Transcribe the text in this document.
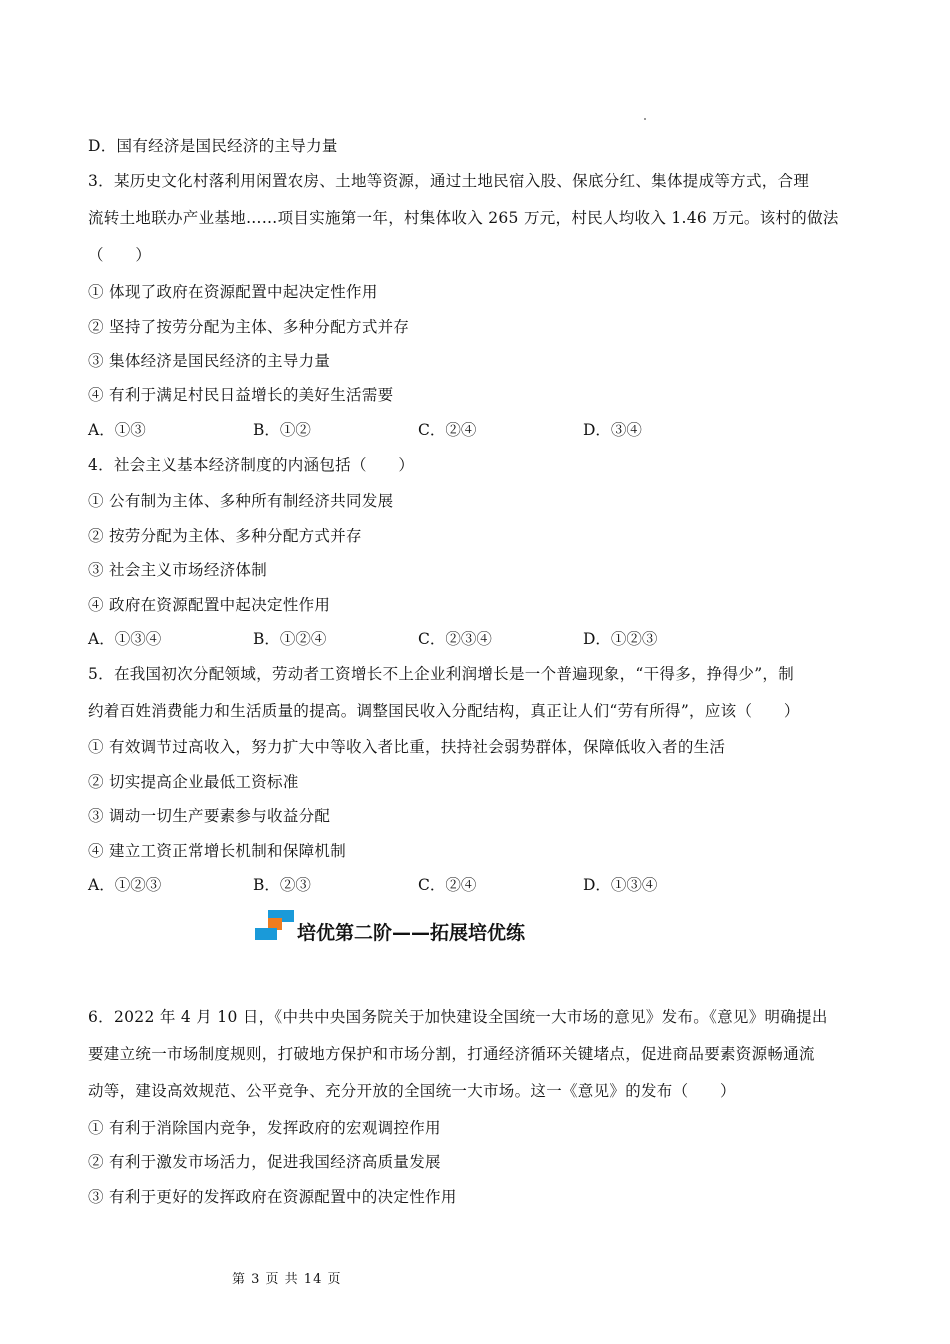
D．国有经济是国民经济的主导力量
3．某历史文化村落利用闲置农房、土地等资源，通过土地民宿入股、保底分红、集体提成等方式，合理
流转土地联办产业基地……项目实施第一年，村集体收入 265 万元，村民人均收入 1.46 万元。该村的做法
（　　）
① 体现了政府在资源配置中起决定性作用
② 坚持了按劳分配为主体、多种分配方式并存
③ 集体经济是国民经济的主导力量
④ 有利于满足村民日益增长的美好生活需要
A．①③	B．①②	C．②④	D．③④
4．社会主义基本经济制度的内涵包括（　　）
① 公有制为主体、多种所有制经济共同发展
② 按劳分配为主体、多种分配方式并存
③ 社会主义市场经济体制
④ 政府在资源配置中起决定性作用
A．①③④	B．①②④	C．②③④	D．①②③
5．在我国初次分配领域，劳动者工资增长不上企业利润增长是一个普遍现象，“干得多，挣得少”，制
约着百姓消费能力和生活质量的提高。调整国民收入分配结构，真正让人们“劳有所得”，应该（　　）
① 有效调节过高收入，努力扩大中等收入者比重，扶持社会弱势群体，保障低收入者的生活
② 切实提高企业最低工资标准
③ 调动一切生产要素参与收益分配
④ 建立工资正常增长机制和保障机制
A．①②③	B．②③	C．②④	D．①③④
培优第二阶——拓展培优练
6．2022 年 4 月 10 日，《中共中央国务院关于加快建设全国统一大市场的意见》发布。《意见》明确提出
要建立统一市场制度规则，打破地方保护和市场分割，打通经济循环关键堵点，促进商品要素资源畅通流
动等，建设高效规范、公平竞争、充分开放的全国统一大市场。这一《意见》的发布（　　）
① 有利于消除国内竞争，发挥政府的宏观调控作用
② 有利于激发市场活力，促进我国经济高质量发展
③ 有利于更好的发挥政府在资源配置中的决定性作用
第 3 页 共 14 页
